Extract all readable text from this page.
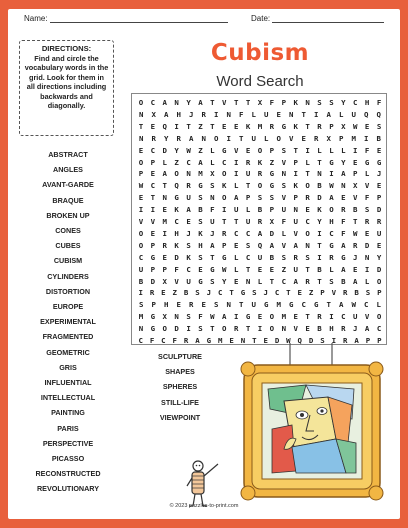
Name:	Date:
DIRECTIONS:
Find and circle the vocabulary words in the grid. Look for them in all directions including backwards and diagonally.
Cubism
Word Search
O	C	A	N	Y	A	T	V	T	T	X	F	P	K	N	S	S	Y	C	H	F
N	X	A	H	J	R	I	N	F	L	U	E	N	T	I	A	L	U	Q	Q
T	E	Q	I	T	Z	T	E	E	K	M	R	G	K	T	R	P	X	W	E	S
N	R	Y	R	A	N	O	I	T	U	L	O	V	E	R	X	P	M	I	B
E	C	D	Y	W	Z	L	G	V	E	O	P	S	T	I	L	L	L	I	F	E
O	P	L	Z	C	A	L	C	I	R	K	Z	V	P	L	T	G	Y	E	G	G
P	E	A	O	N	M	X	O	I	U	R	G	N	I	T	N	I	A	P	L	J
W	C	T	Q	R	G	S	K	L	T	O	G	S	K	O	B	W	N	X	V	E
E	T	N	G	U	S	N	O	A	P	S	S	V	P	R	D	A	E	V	F	P
I	I	E	K	A	B	F	I	U	L	B	P	U	N	E	K	O	R	B	S	D
V	V	M	C	E	S	U	T	T	U	R	X	F	U	C	Y	H	F	T	R	R
O	E	I	H	J	K	J	R	C	C	A	D	L	V	O	I	C	F	W	E	U
O	P	R	K	S	H	A	P	E	S	Q	A	V	A	N	T	G	A	R	D	E
C	G	E	D	K	S	T	G	L	C	U	B	S	R	S	I	R	G	J	N	Y
U	P	P	F	C	E	G	W	L	T	E	E	Z	U	T	B	L	A	E	I	D
B	D	X	V	U	G	S	Y	E	N	L	T	C	A	R	T	S	B	A	L	O
I R E Z B S J C T G S J C T E Z P V R B S P
S	P	H	E	R	E	S	N	T	U	G	M	G	C	G	T	A	W	C	L
M	G	X	N	S	F	W	A	I	G	E	O	M	E	T	R	I	C	U	V	O
N	G	O	D	I	S	T	O	R	T	I	O	N	V	E	B	H	R	J	A	C
C F C F R A G M E N T E D W Q D S I R A P P
ABSTRACT
ANGLES
AVANT-GARDE
BRAQUE
BROKEN UP
CONES
CUBES
CUBISM
CYLINDERS
DISTORTION
EUROPE
EXPERIMENTAL
FRAGMENTED
GEOMETRIC
GRIS
INFLUENTIAL
INTELLECTUAL
PAINTING
PARIS
PERSPECTIVE
PICASSO
RECONSTRUCTED
REVOLUTIONARY
SCULPTURE
SHAPES
SPHERES
STILL-LIFE
VIEWPOINT
© 2023 puzzles-to-print.com
